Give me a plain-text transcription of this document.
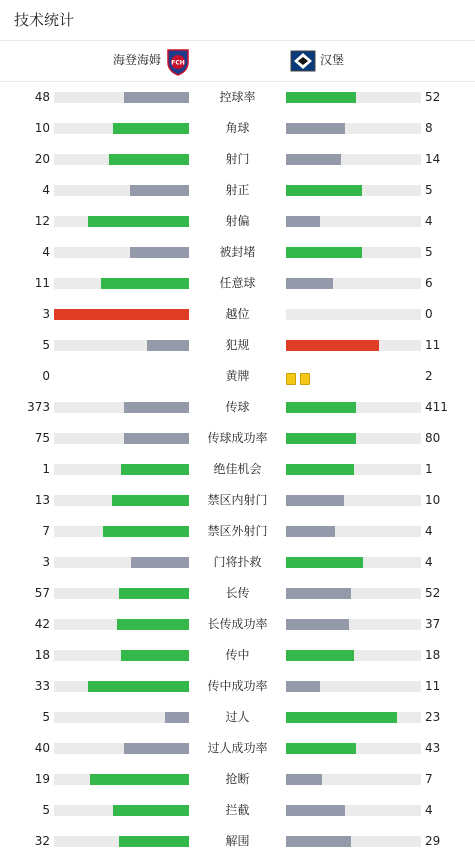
技术统计
海登海姆 FCH	汉堡
48	控球率	52
10	角球	8
20	射门	14
4	射正	5
12	射偏	4
4	被封堵	5
11	任意球	6
3	越位	0
5	犯规	11
0	黄牌	2
373	传球	411
75	传球成功率	80
1	绝佳机会	1
13	禁区内射门	10
7	禁区外射门	4
3	门将扑救	4
57	长传	52
42	长传成功率	37
18	传中	18
33	传中成功率	11
5	过人	23
40	过人成功率	43
19	抢断	7
5	拦截	4
32	解围	29
